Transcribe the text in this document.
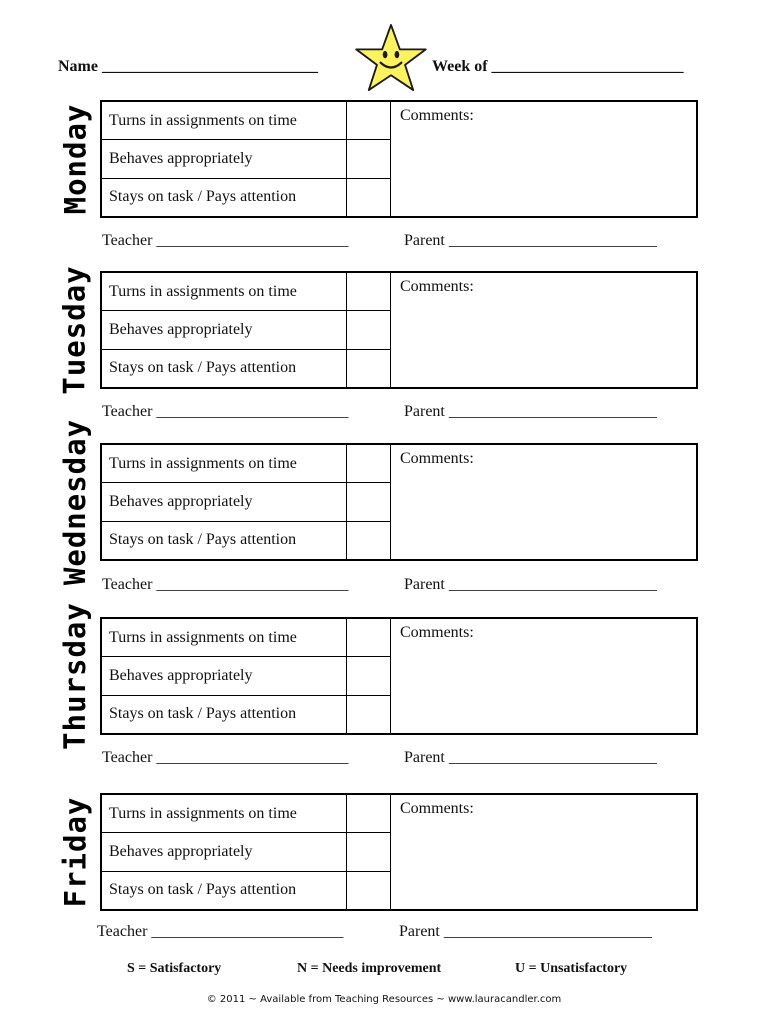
Name ___________________________	Week of ________________________
Monday	Turns in assignments on time
Behaves appropriately
Stays on task / Pays attention
Comments:
Teacher ________________________	Parent __________________________
Tuesday	Turns in assignments on time
Behaves appropriately
Stays on task / Pays attention
Comments:
Teacher ________________________	Parent __________________________
Wednesday	Turns in assignments on time
Behaves appropriately
Stays on task / Pays attention
Comments:
Teacher ________________________	Parent __________________________
Thursday	Turns in assignments on time
Behaves appropriately
Stays on task / Pays attention
Comments:
Teacher ________________________	Parent __________________________
Friday	Turns in assignments on time
Behaves appropriately
Stays on task / Pays attention
Comments:
Teacher ________________________	Parent __________________________
S = Satisfactory	N = Needs improvement	U = Unsatisfactory
© 2011 ~ Available from Teaching Resources ~ www.lauracandler.com
